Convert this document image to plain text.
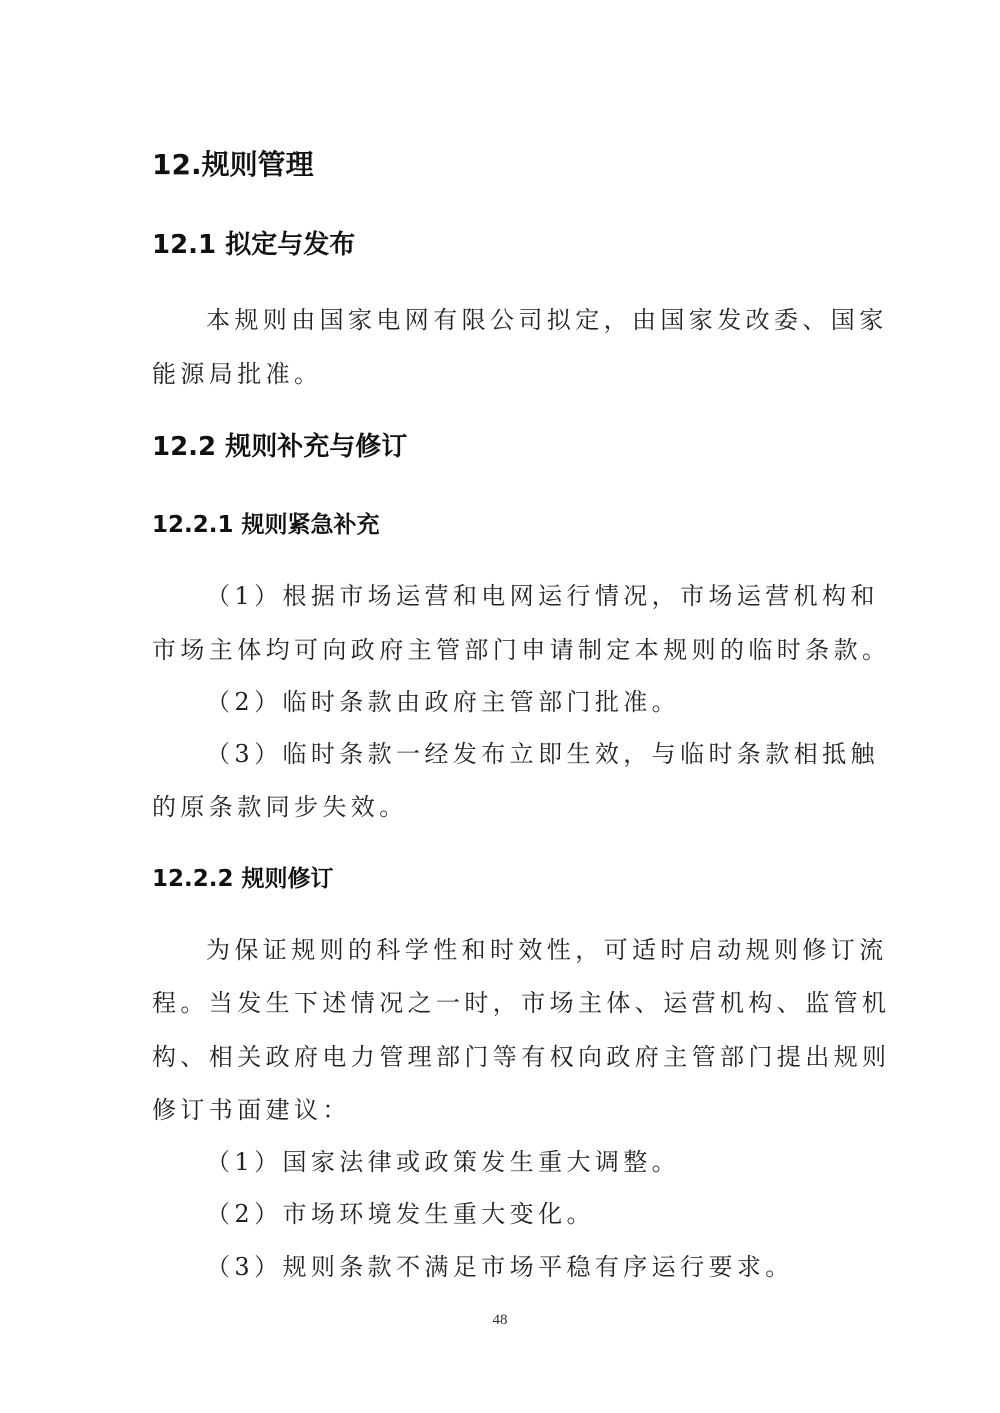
12.规则管理
12.1 拟定与发布
本规则由国家电网有限公司拟定，由国家发改委、国家
能源局批准。
12.2 规则补充与修订
12.2.1 规则紧急补充
（1）根据市场运营和电网运行情况，市场运营机构和
市场主体均可向政府主管部门申请制定本规则的临时条款。
（2）临时条款由政府主管部门批准。
（3）临时条款一经发布立即生效，与临时条款相抵触
的原条款同步失效。
12.2.2 规则修订
为保证规则的科学性和时效性，可适时启动规则修订流
程。当发生下述情况之一时，市场主体、运营机构、监管机
构、相关政府电力管理部门等有权向政府主管部门提出规则
修订书面建议：
（1）国家法律或政策发生重大调整。
（2）市场环境发生重大变化。
（3）规则条款不满足市场平稳有序运行要求。
48
